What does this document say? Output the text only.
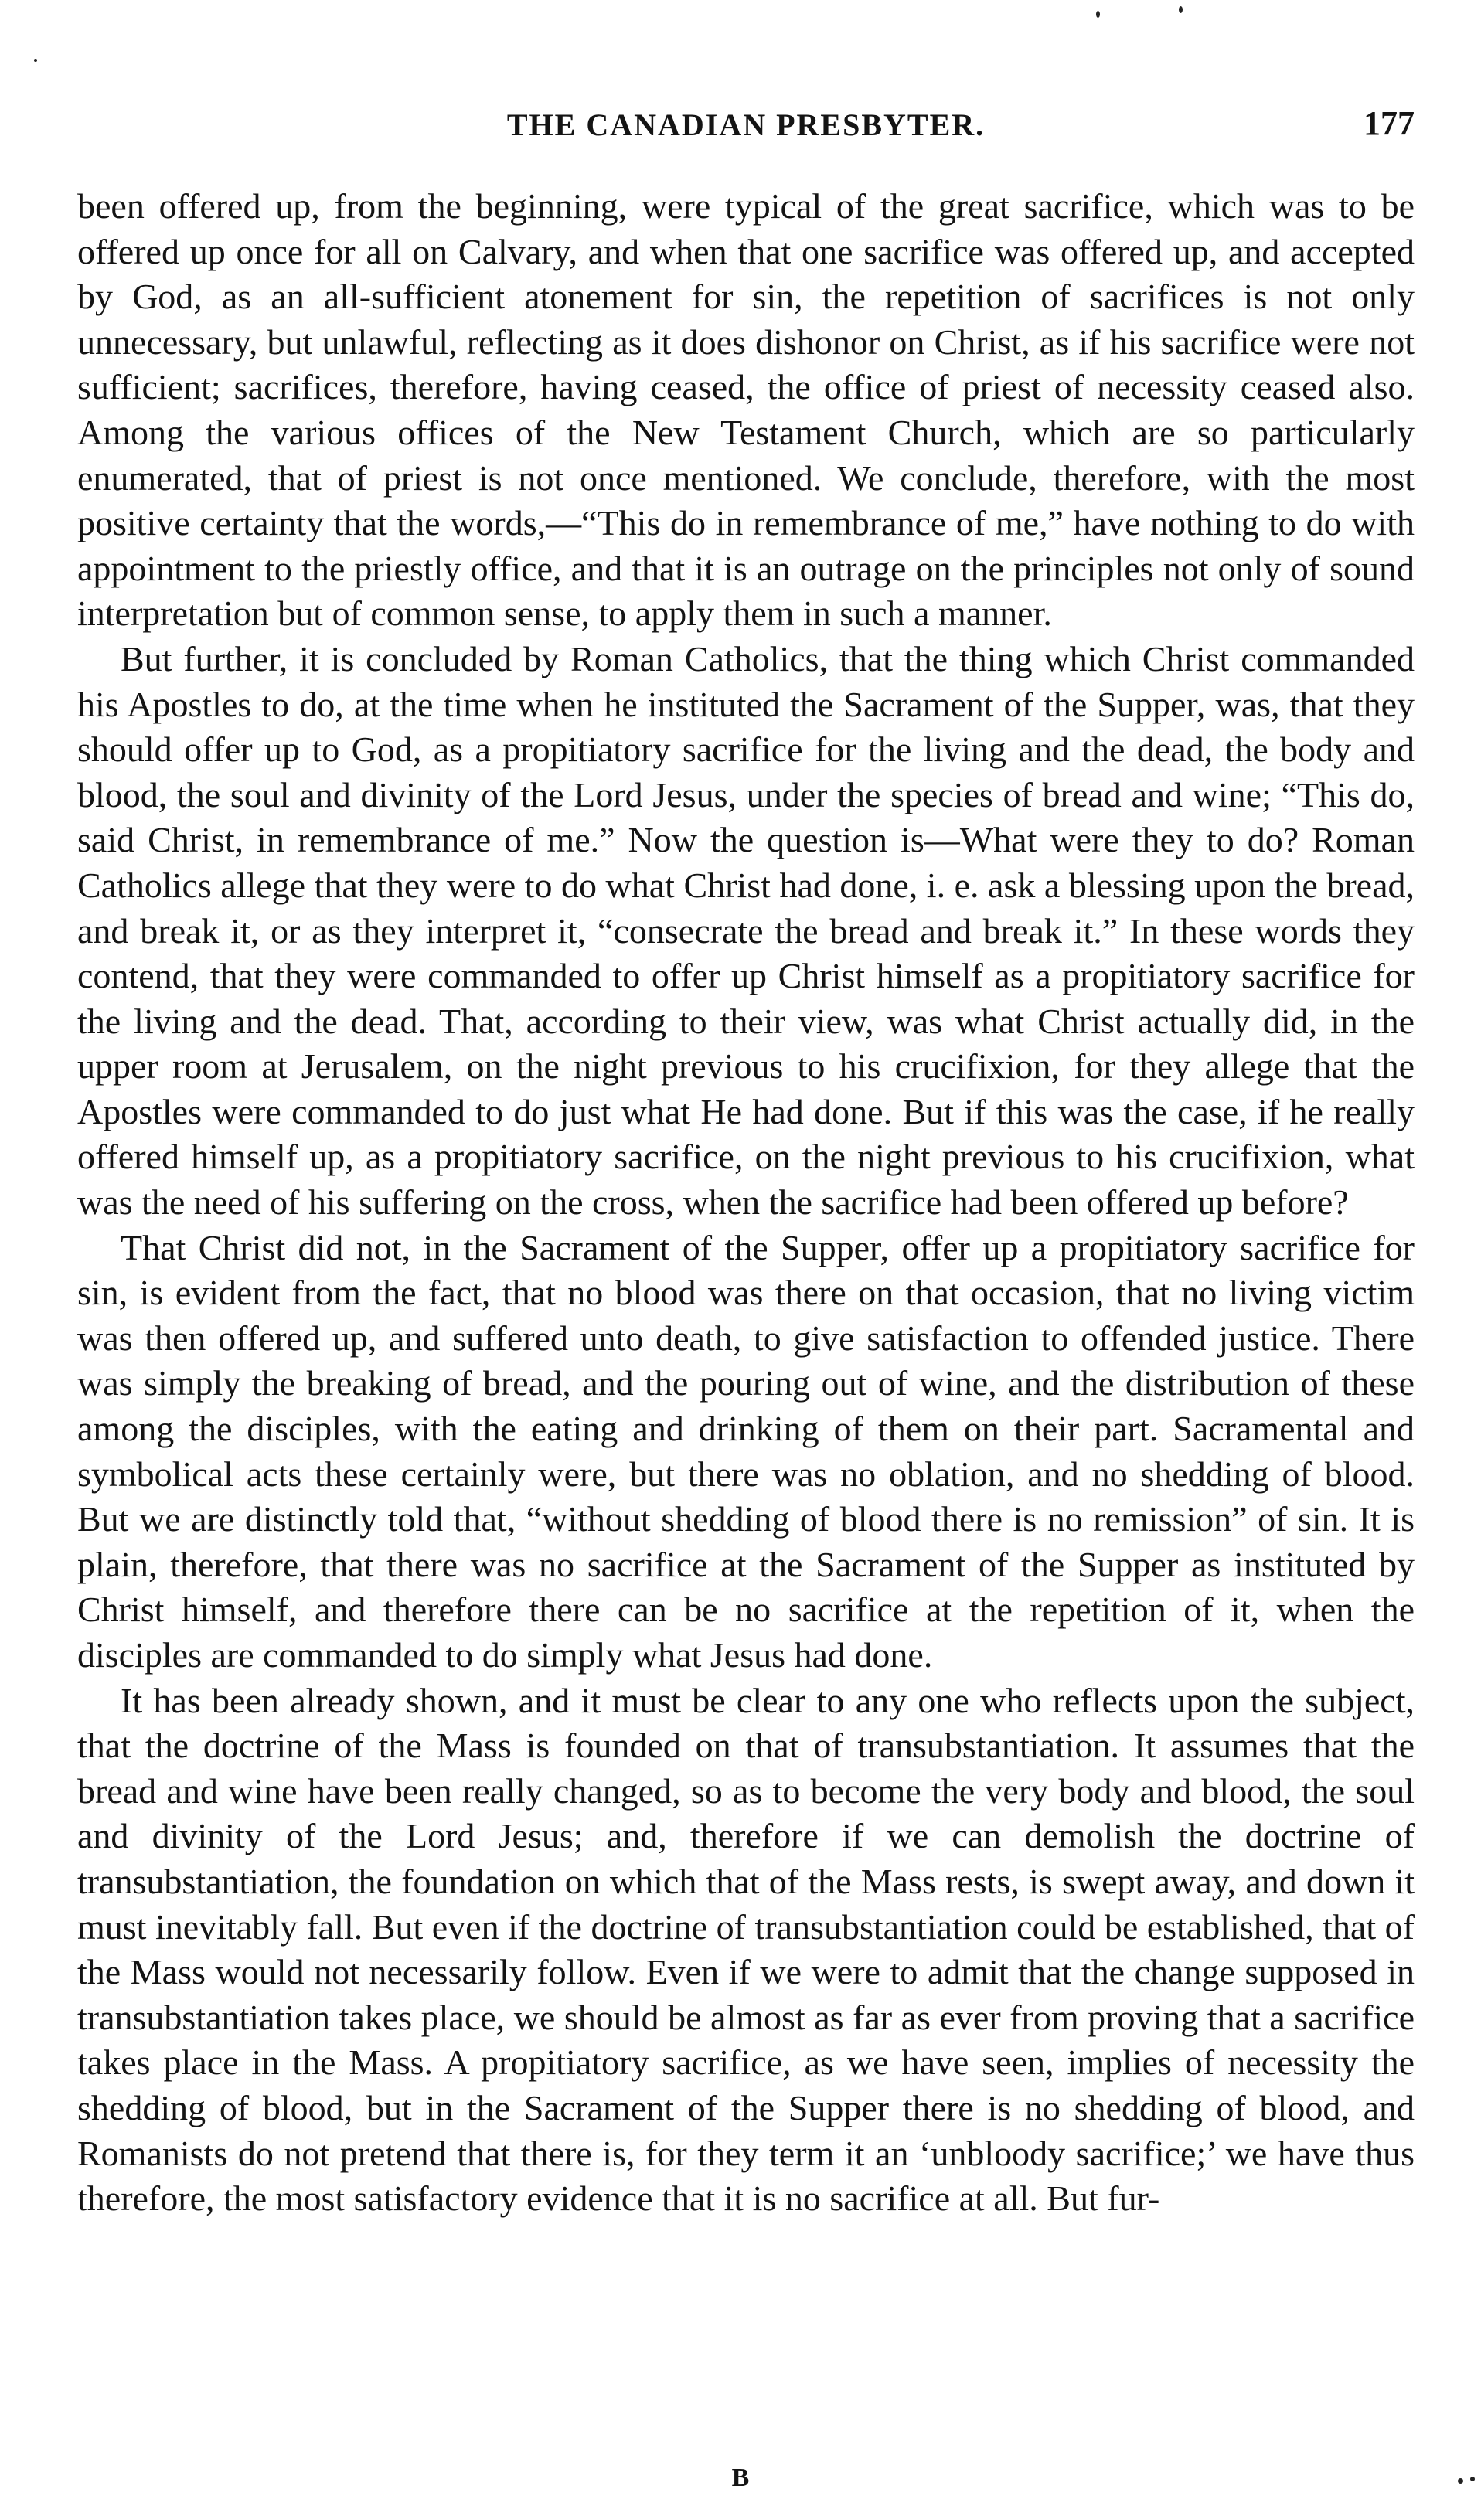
THE CANADIAN PRESBYTER.	177

been offered up, from the beginning, were typical of the great sacrifice, which was to be offered up once for all on Calvary, and when that one sacrifice was offered up, and accepted by God, as an all-sufficient atonement for sin, the repetition of sacrifices is not only unnecessary, but unlawful, reflecting as it does dishonor on Christ, as if his sacrifice were not sufficient; sacrifices, therefore, having ceased, the office of priest of necessity ceased also. Among the various offices of the New Testament Church, which are so particularly enumerated, that of priest is not once mentioned. We conclude, therefore, with the most positive certainty that the words,—“This do in remembrance of me,” have nothing to do with appointment to the priestly office, and that it is an outrage on the principles not only of sound interpretation but of common sense, to apply them in such a manner.

But further, it is concluded by Roman Catholics, that the thing which Christ commanded his Apostles to do, at the time when he instituted the Sacrament of the Supper, was, that they should offer up to God, as a propitiatory sacrifice for the living and the dead, the body and blood, the soul and divinity of the Lord Jesus, under the species of bread and wine; “This do, said Christ, in remembrance of me.” Now the question is—What were they to do? Roman Catholics allege that they were to do what Christ had done, i. e. ask a blessing upon the bread, and break it, or as they interpret it, “consecrate the bread and break it.” In these words they contend, that they were commanded to offer up Christ himself as a propitiatory sacrifice for the living and the dead. That, according to their view, was what Christ actually did, in the upper room at Jerusalem, on the night previous to his crucifixion, for they allege that the Apostles were commanded to do just what He had done. But if this was the case, if he really offered himself up, as a propitiatory sacrifice, on the night previous to his crucifixion, what was the need of his suffering on the cross, when the sacrifice had been offered up before?

That Christ did not, in the Sacrament of the Supper, offer up a propitiatory sacrifice for sin, is evident from the fact, that no blood was there on that occasion, that no living victim was then offered up, and suffered unto death, to give satisfaction to offended justice. There was simply the breaking of bread, and the pouring out of wine, and the distribution of these among the disciples, with the eating and drinking of them on their part. Sacramental and symbolical acts these certainly were, but there was no oblation, and no shedding of blood. But we are distinctly told that, “without shedding of blood there is no remission” of sin. It is plain, therefore, that there was no sacrifice at the Sacrament of the Supper as instituted by Christ himself, and therefore there can be no sacrifice at the repetition of it, when the disciples are commanded to do simply what Jesus had done.

It has been already shown, and it must be clear to any one who reflects upon the subject, that the doctrine of the Mass is founded on that of transubstantiation. It assumes that the bread and wine have been really changed, so as to become the very body and blood, the soul and divinity of the Lord Jesus; and, therefore if we can demolish the doctrine of transubstantiation, the foundation on which that of the Mass rests, is swept away, and down it must inevitably fall. But even if the doctrine of transubstantiation could be established, that of the Mass would not necessarily follow. Even if we were to admit that the change supposed in transubstantiation takes place, we should be almost as far as ever from proving that a sacrifice takes place in the Mass. A propitiatory sacrifice, as we have seen, implies of necessity the shedding of blood, but in the Sacrament of the Supper there is no shedding of blood, and Romanists do not pretend that there is, for they term it an ‘unbloody sacrifice;’ we have thus therefore, the most satisfactory evidence that it is no sacrifice at all. But fur-

B
